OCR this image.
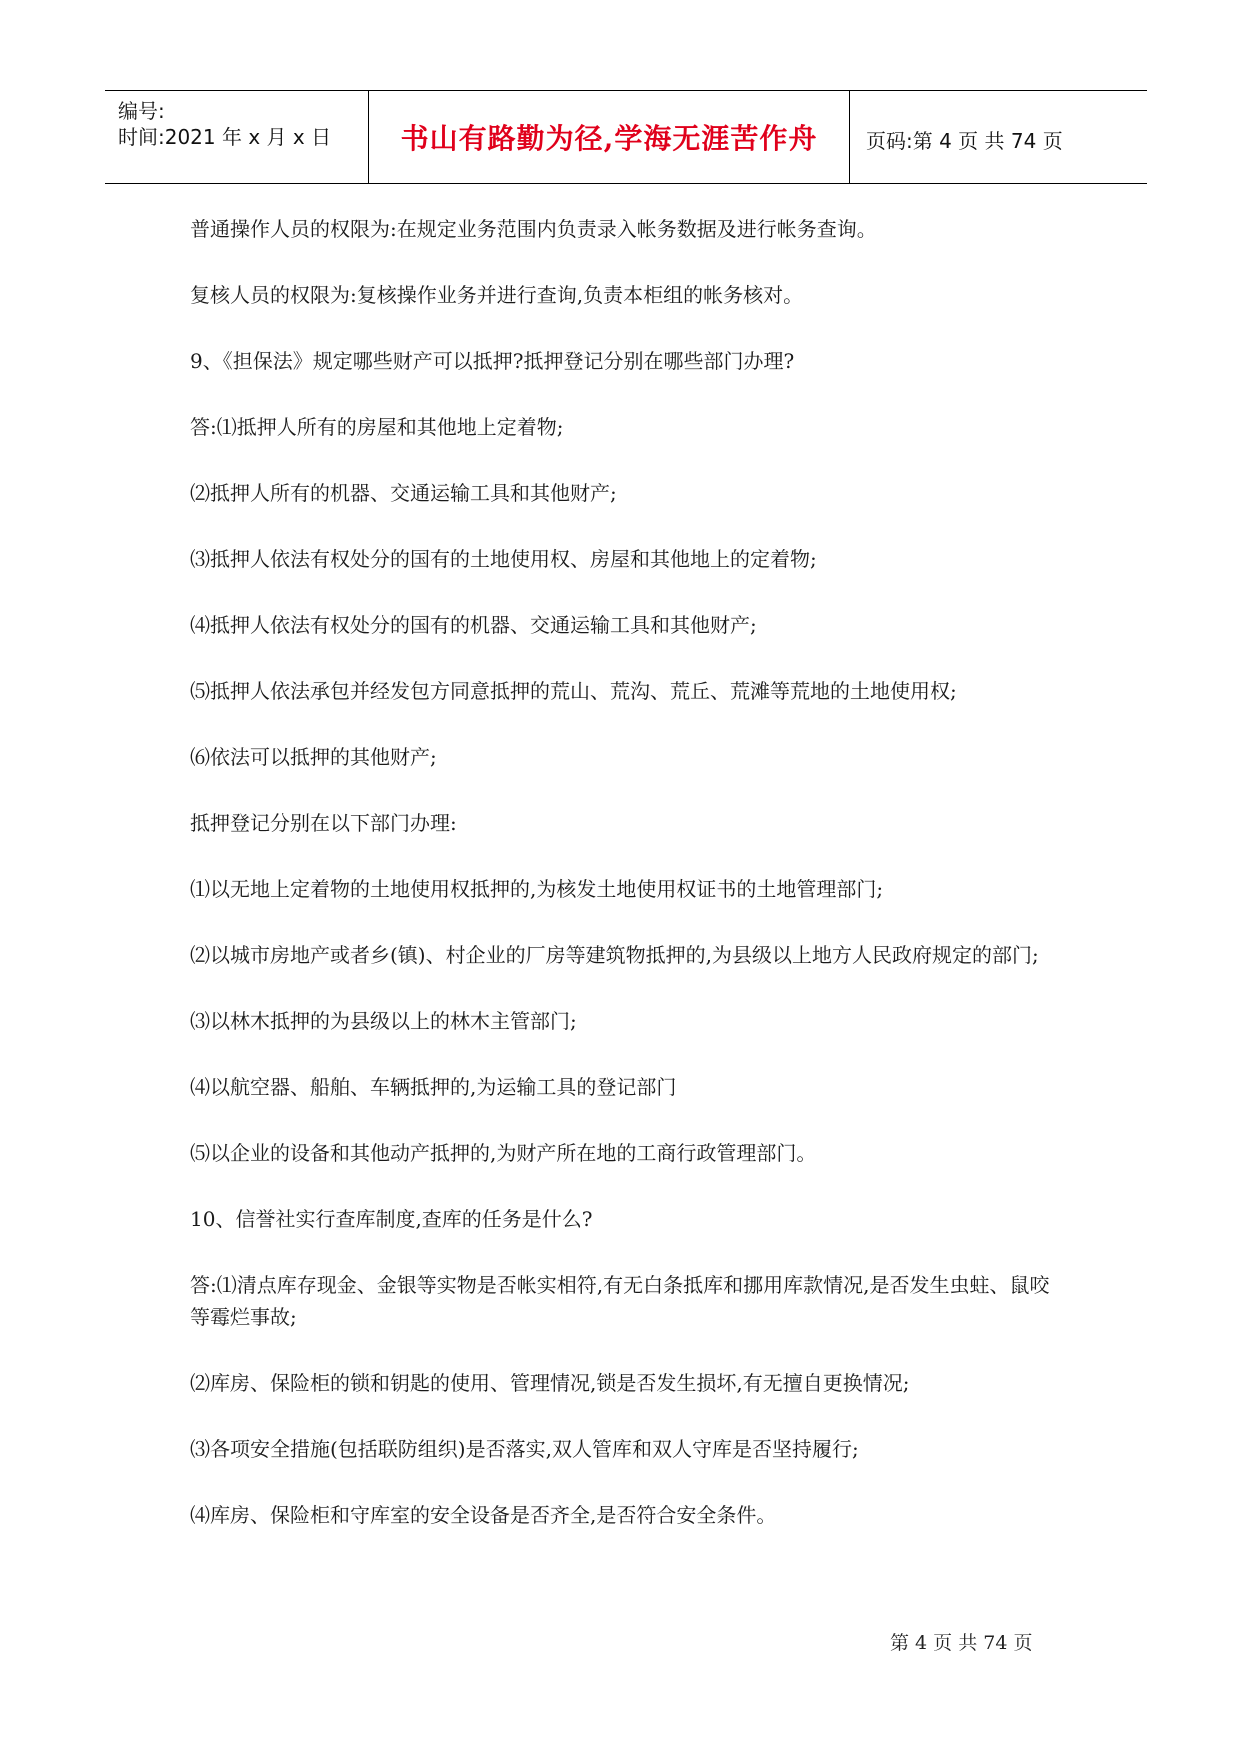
编号:
时间:2021 年 x 月 x 日	书山有路勤为径,学海无涯苦作舟	页码:第 4 页 共 74 页

普通操作人员的权限为:在规定业务范围内负责录入帐务数据及进行帐务查询。

复核人员的权限为:复核操作业务并进行查询,负责本柜组的帐务核对。

9、《担保法》规定哪些财产可以抵押?抵押登记分别在哪些部门办理?

答:⑴抵押人所有的房屋和其他地上定着物;

⑵抵押人所有的机器、交通运输工具和其他财产;

⑶抵押人依法有权处分的国有的土地使用权、房屋和其他地上的定着物;

⑷抵押人依法有权处分的国有的机器、交通运输工具和其他财产;

⑸抵押人依法承包并经发包方同意抵押的荒山、荒沟、荒丘、荒滩等荒地的土地使用权;

⑹依法可以抵押的其他财产;

抵押登记分别在以下部门办理:

⑴以无地上定着物的土地使用权抵押的,为核发土地使用权证书的土地管理部门;

⑵以城市房地产或者乡(镇)、村企业的厂房等建筑物抵押的,为县级以上地方人民政府规定的部门;

⑶以林木抵押的为县级以上的林木主管部门;

⑷以航空器、船舶、车辆抵押的,为运输工具的登记部门

⑸以企业的设备和其他动产抵押的,为财产所在地的工商行政管理部门。

10、信誉社实行查库制度,查库的任务是什么?

答:⑴清点库存现金、金银等实物是否帐实相符,有无白条抵库和挪用库款情况,是否发生虫蛀、鼠咬等霉烂事故;

⑵库房、保险柜的锁和钥匙的使用、管理情况,锁是否发生损坏,有无擅自更换情况;

⑶各项安全措施(包括联防组织)是否落实,双人管库和双人守库是否坚持履行;

⑷库房、保险柜和守库室的安全设备是否齐全,是否符合安全条件。

第 4 页 共 74 页
